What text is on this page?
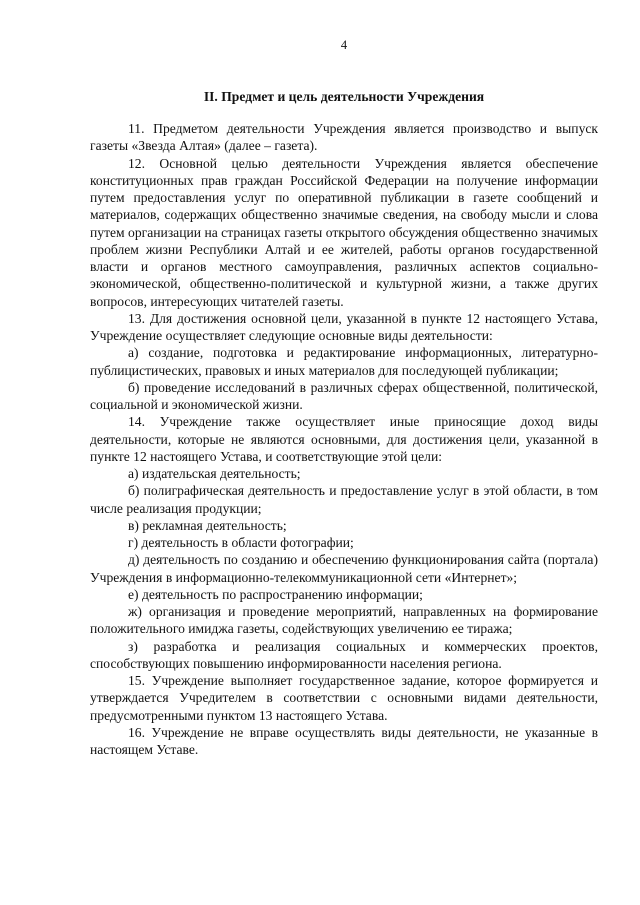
4
II. Предмет и цель деятельности Учреждения

11. Предметом деятельности Учреждения является производство и выпуск газеты «Звезда Алтая» (далее – газета).

12. Основной целью деятельности Учреждения является обеспечение конституционных прав граждан Российской Федерации на получение информации путем предоставления услуг по оперативной публикации в газете сообщений и материалов, содержащих общественно значимые сведения, на свободу мысли и слова путем организации на страницах газеты открытого обсуждения общественно значимых проблем жизни Республики Алтай и ее жителей, работы органов государственной власти и органов местного самоуправления, различных аспектов социально-экономической, общественно-политической и культурной жизни, а также других вопросов, интересующих читателей газеты.

13. Для достижения основной цели, указанной в пункте 12 настоящего Устава, Учреждение осуществляет следующие основные виды деятельности:

а) создание, подготовка и редактирование информационных, литературно-публицистических, правовых и иных материалов для последующей публикации;

б) проведение исследований в различных сферах общественной, политической, социальной и экономической жизни.

14. Учреждение также осуществляет иные приносящие доход виды деятельности, которые не являются основными, для достижения цели, указанной в пункте 12 настоящего Устава, и соответствующие этой цели:

а) издательская деятельность;

б) полиграфическая деятельность и предоставление услуг в этой области, в том числе реализация продукции;

в) рекламная деятельность;

г) деятельность в области фотографии;

д) деятельность по созданию и обеспечению функционирования сайта (портала) Учреждения в информационно-телекоммуникационной сети «Интернет»;

е) деятельность по распространению информации;

ж) организация и проведение мероприятий, направленных на формирование положительного имиджа газеты, содействующих увеличению ее тиража;

з) разработка и реализация социальных и коммерческих проектов, способствующих повышению информированности населения региона.

15. Учреждение выполняет государственное задание, которое формируется и утверждается Учредителем в соответствии с основными видами деятельности, предусмотренными пунктом 13 настоящего Устава.

16. Учреждение не вправе осуществлять виды деятельности, не указанные в настоящем Уставе.
